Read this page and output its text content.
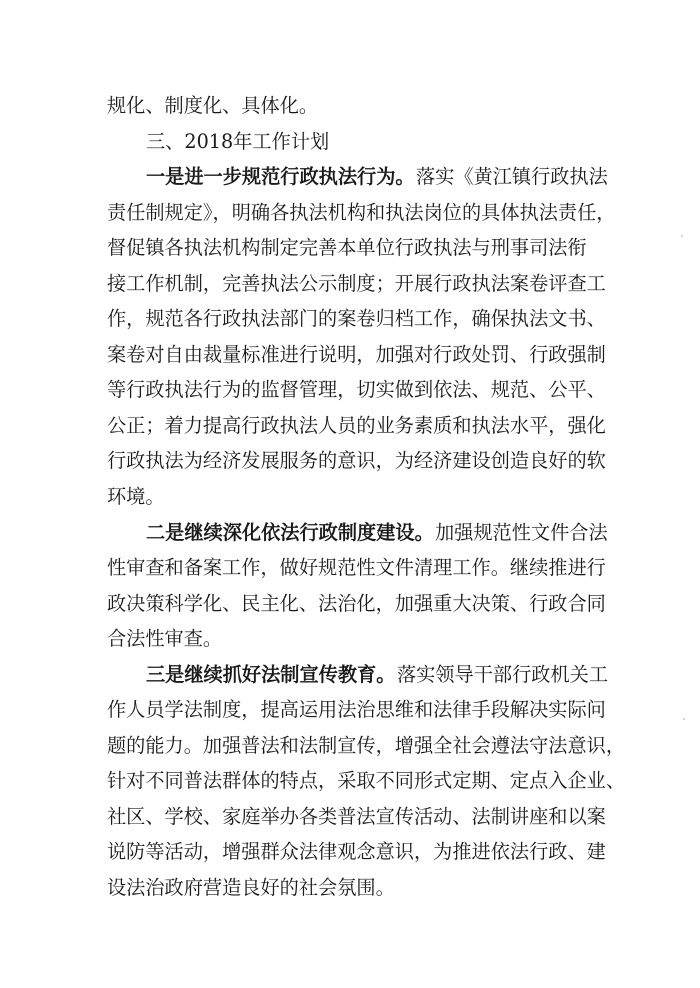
规化、制度化、具体化。
三、2018年工作计划
一是进一步规范行政执法行为。 落实《黄江镇行政执法
责任制规定》，明确各执法机构和执法岗位的具体执法责任，
督促镇各执法机构制定完善本单位行政执法与刑事司法衔
接工作机制，完善执法公示制度；开展行政执法案卷评查工
作，规范各行政执法部门的案卷归档工作，确保执法文书、
案卷对自由裁量标准进行说明，加强对行政处罚、行政强制
等行政执法行为的监督管理，切实做到依法、规范、公平、
公正；着力提高行政执法人员的业务素质和执法水平，强化
行政执法为经济发展服务的意识，为经济建设创造良好的软
环境。
二是继续深化依法行政制度建设。 加强规范性文件合法
性审查和备案工作，做好规范性文件清理工作。继续推进行
政决策科学化、民主化、法治化，加强重大决策、行政合同
合法性审查。
三是继续抓好法制宣传教育。 落实领导干部行政机关工
作人员学法制度，提高运用法治思维和法律手段解决实际问
题的能力。加强普法和法制宣传，增强全社会遵法守法意识，
针对不同普法群体的特点，采取不同形式定期、定点入企业、
社区、学校、家庭举办各类普法宣传活动、法制讲座和以案
说防等活动，增强群众法律观念意识，为推进依法行政、建
设法治政府营造良好的社会氛围。
